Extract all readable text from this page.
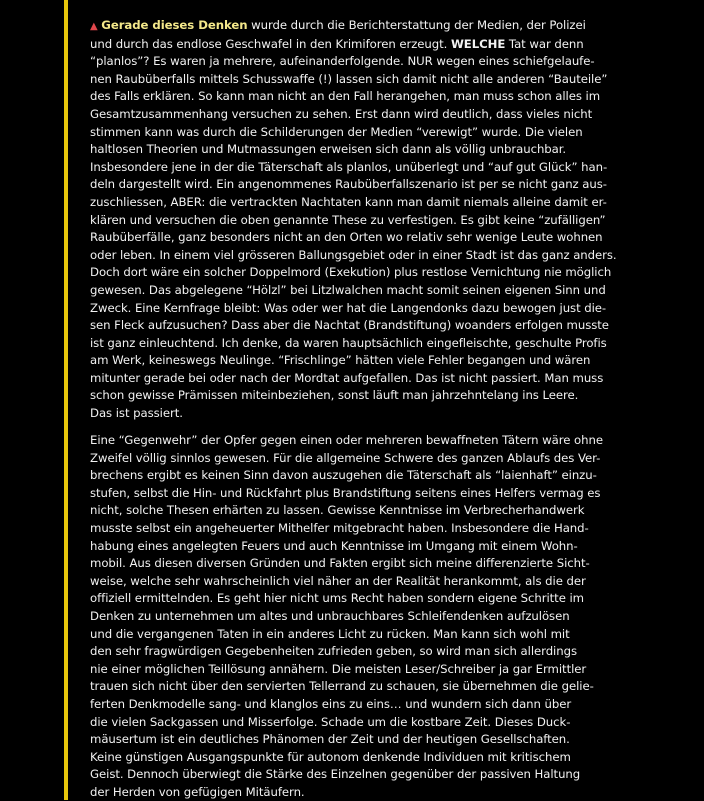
▲ Gerade dieses Denken wurde durch die Berichterstattung der Medien, der Polizei

und durch das endlose Geschwafel in den Krimiforen erzeugt. WELCHE Tat war denn

“planlos”? Es waren ja mehrere, aufeinanderfolgende. NUR wegen eines schiefgelaufe-

nen Raubüberfalls mittels Schusswaffe (!) lassen sich damit nicht alle anderen “Bauteile”

des Falls erklären. So kann man nicht an den Fall herangehen, man muss schon alles im

Gesamtzusammenhang versuchen zu sehen. Erst dann wird deutlich, dass vieles nicht

stimmen kann was durch die Schilderungen der Medien “verewigt” wurde. Die vielen

haltlosen Theorien und Mutmassungen erweisen sich dann als völlig unbrauchbar.

Insbesondere jene in der die Täterschaft als planlos, unüberlegt und “auf gut Glück” han-

deln dargestellt wird. Ein angenommenes Raubüberfallszenario ist per se nicht ganz aus-

zuschliessen, ABER: die vertrackten Nachtaten kann man damit niemals alleine damit er-

klären und versuchen die oben genannte These zu verfestigen. Es gibt keine “zufälligen”

Raubüberfälle, ganz besonders nicht an den Orten wo relativ sehr wenige Leute wohnen

oder leben. In einem viel grösseren Ballungsgebiet oder in einer Stadt ist das ganz anders.

Doch dort wäre ein solcher Doppelmord (Exekution) plus restlose Vernichtung nie möglich

gewesen. Das abgelegene “Hölzl” bei Litzlwalchen macht somit seinen eigenen Sinn und

Zweck. Eine Kernfrage bleibt: Was oder wer hat die Langendonks dazu bewogen just die-

sen Fleck aufzusuchen? Dass aber die Nachtat (Brandstiftung) woanders erfolgen musste

ist ganz einleuchtend. Ich denke, da waren hauptsächlich eingefleischte, geschulte Profis

am Werk, keineswegs Neulinge. “Frischlinge” hätten viele Fehler begangen und wären

mitunter gerade bei oder nach der Mordtat aufgefallen. Das ist nicht passiert. Man muss

schon gewisse Prämissen miteinbeziehen, sonst läuft man jahrzehntelang ins Leere.

Das ist passiert.

Eine “Gegenwehr” der Opfer gegen einen oder mehreren bewaffneten Tätern wäre ohne

Zweifel völlig sinnlos gewesen. Für die allgemeine Schwere des ganzen Ablaufs des Ver-

brechens ergibt es keinen Sinn davon auszugehen die Täterschaft als “laienhaft” einzu-

stufen, selbst die Hin- und Rückfahrt plus Brandstiftung seitens eines Helfers vermag es

nicht, solche Thesen erhärten zu lassen. Gewisse Kenntnisse im Verbrecherhandwerk

musste selbst ein angeheuerter Mithelfer mitgebracht haben. Insbesondere die Hand-

habung eines angelegten Feuers und auch Kenntnisse im Umgang mit einem Wohn-

mobil. Aus diesen diversen Gründen und Fakten ergibt sich meine differenzierte Sicht-

weise, welche sehr wahrscheinlich viel näher an der Realität herankommt, als die der

offiziell ermittelnden. Es geht hier nicht ums Recht haben sondern eigene Schritte im

Denken zu unternehmen um altes und unbrauchbares Schleifendenken aufzulösen

und die vergangenen Taten in ein anderes Licht zu rücken. Man kann sich wohl mit

den sehr fragwürdigen Gegebenheiten zufrieden geben, so wird man sich allerdings

nie einer möglichen Teillösung annähern. Die meisten Leser/Schreiber ja gar Ermittler

trauen sich nicht über den servierten Tellerrand zu schauen, sie übernehmen die gelie-

ferten Denkmodelle sang- und klanglos eins zu eins… und wundern sich dann über

die vielen Sackgassen und Misserfolge. Schade um die kostbare Zeit. Dieses Duck-

mäusertum ist ein deutliches Phänomen der Zeit und der heutigen Gesellschaften.

Keine günstigen Ausgangspunkte für autonom denkende Individuen mit kritischem

Geist. Dennoch überwiegt die Stärke des Einzelnen gegenüber der passiven Haltung

der Herden von gefügigen Mitäufern.
